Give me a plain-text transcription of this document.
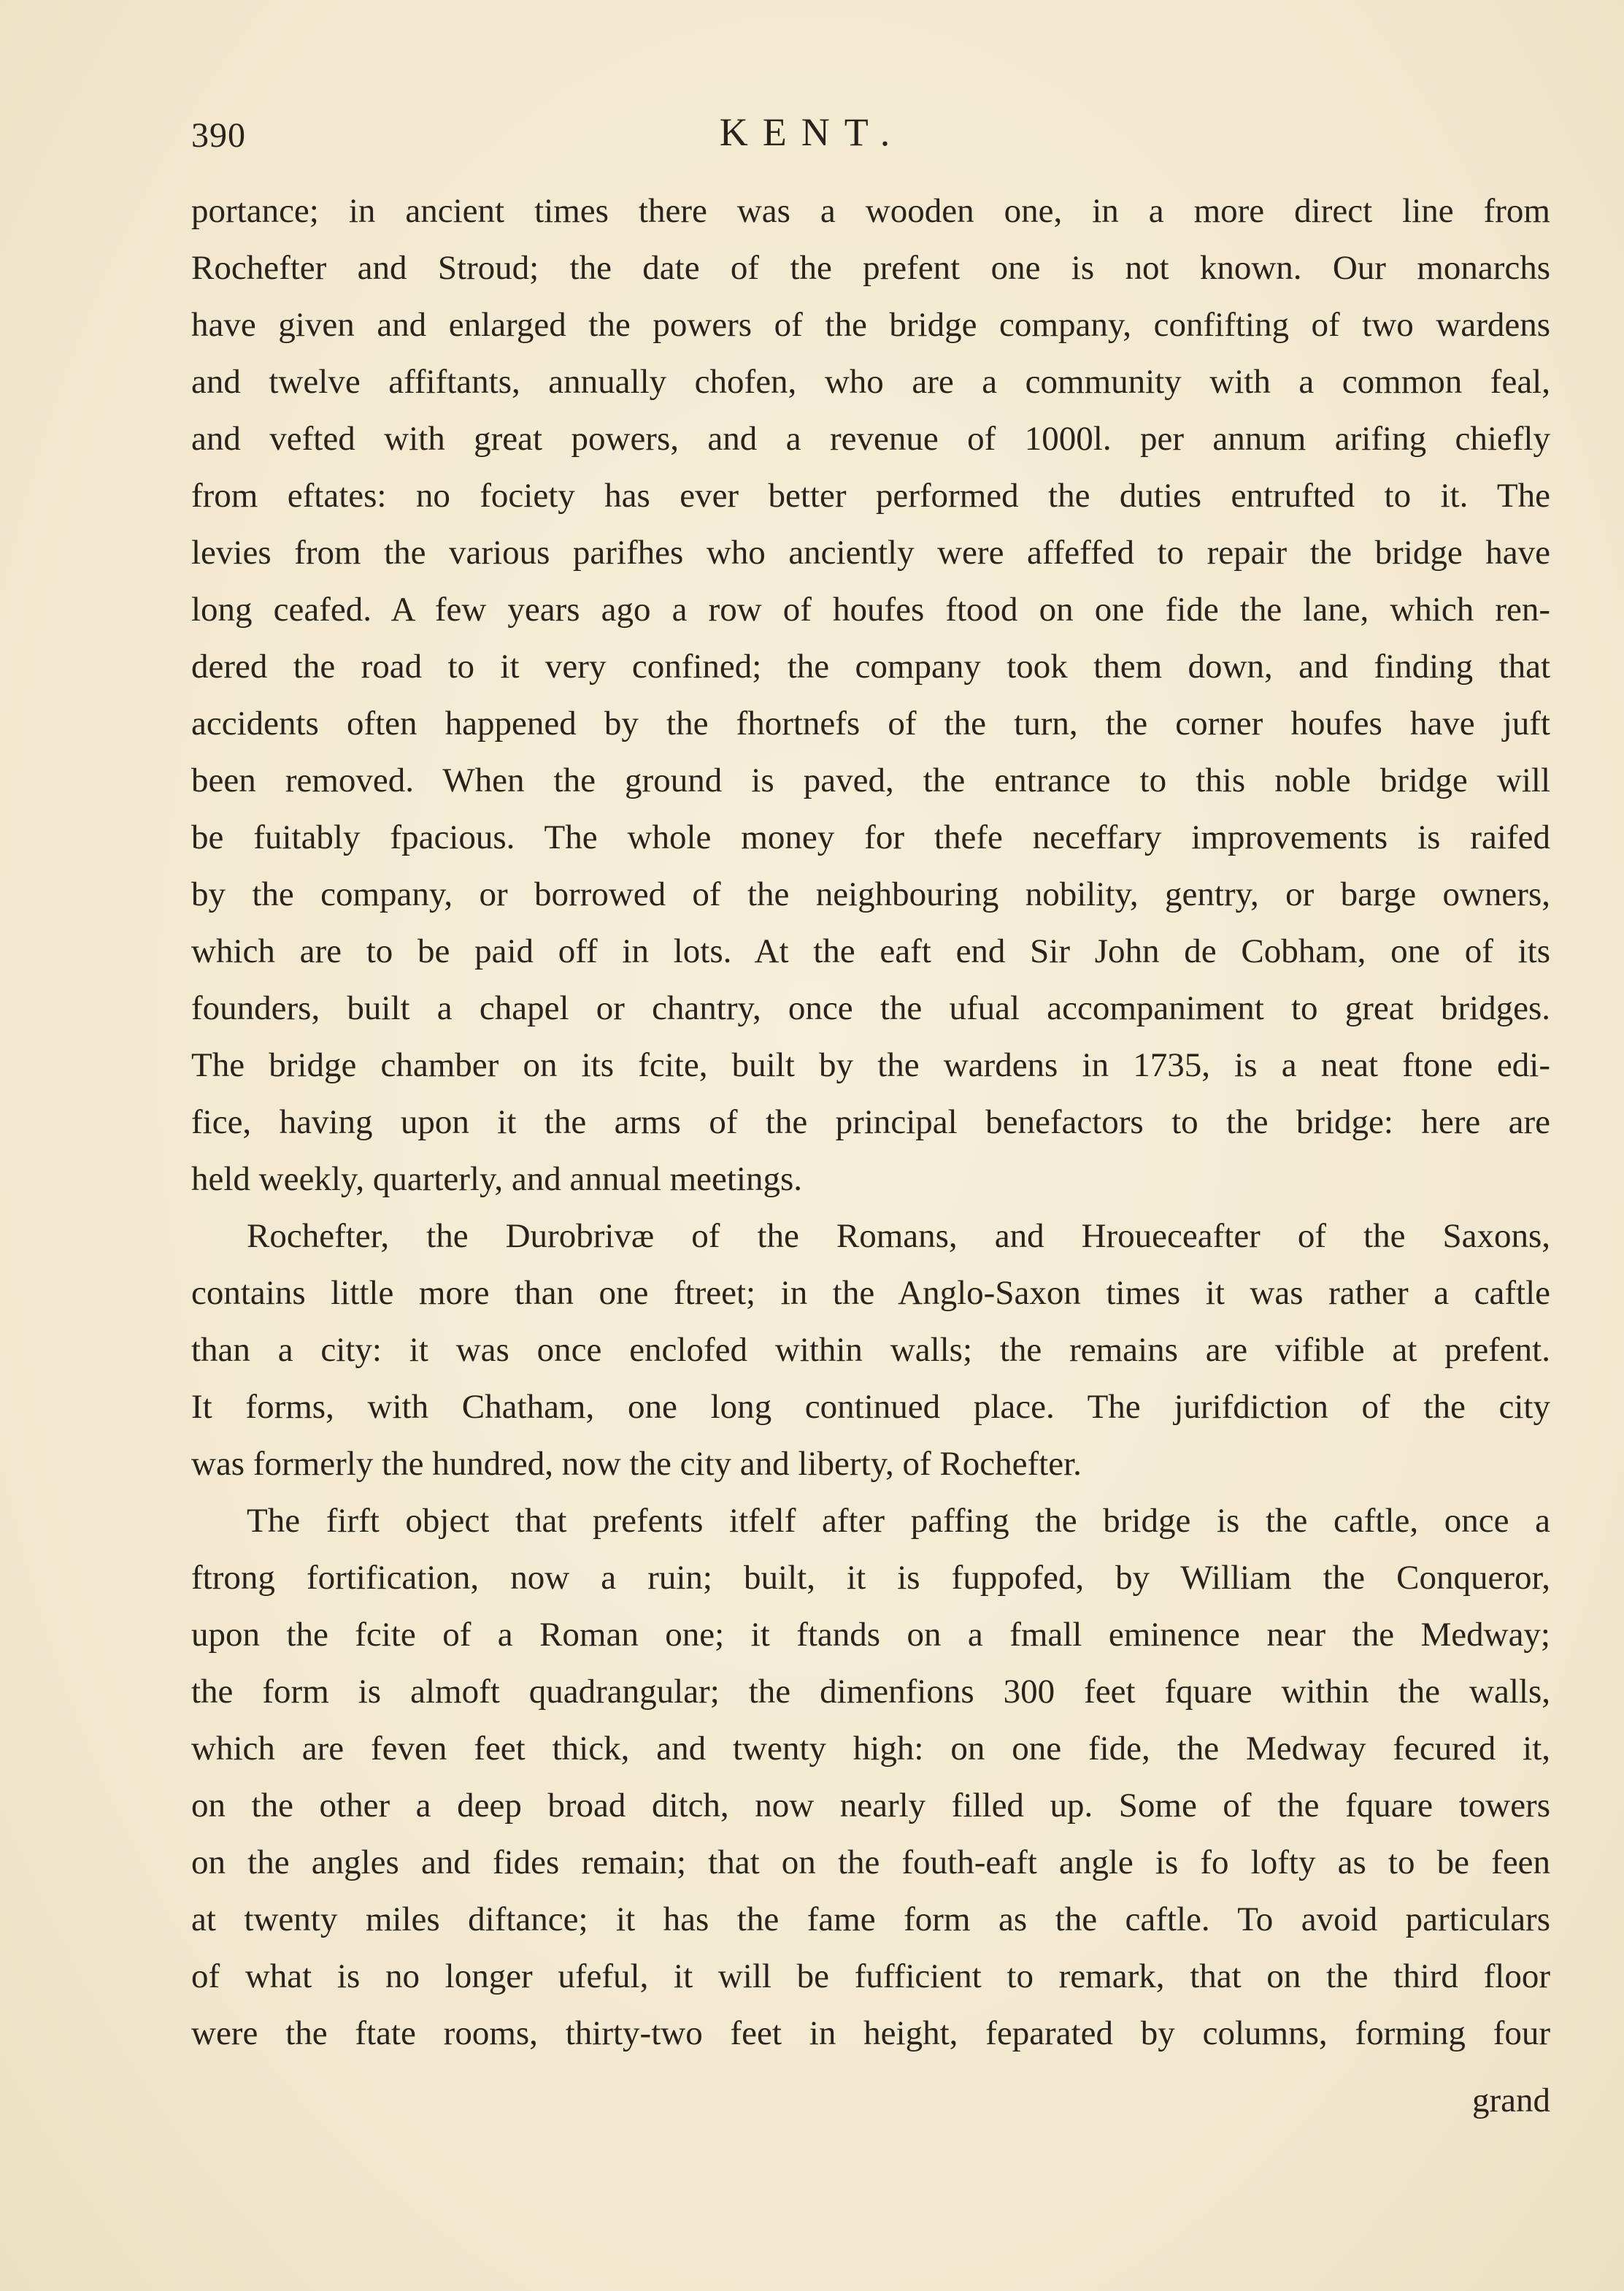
390	KENT.
portance; in ancient times there was a wooden one, in a more direct line from
Rochefter and Stroud; the date of the prefent one is not known. Our monarchs
have given and enlarged the powers of the bridge company, confifting of two wardens
and twelve affiftants, annually chofen, who are a community with a common feal,
and vefted with great powers, and a revenue of 1000l. per annum arifing chiefly
from eftates: no fociety has ever better performed the duties entrufted to it. The
levies from the various parifhes who anciently were affeffed to repair the bridge have
long ceafed. A few years ago a row of houfes ftood on one fide the lane, which ren-
dered the road to it very confined; the company took them down, and finding that
accidents often happened by the fhortnefs of the turn, the corner houfes have juft
been removed. When the ground is paved, the entrance to this noble bridge will
be fuitably fpacious. The whole money for thefe neceffary improvements is raifed
by the company, or borrowed of the neighbouring nobility, gentry, or barge owners,
which are to be paid off in lots. At the eaft end Sir John de Cobham, one of its
founders, built a chapel or chantry, once the ufual accompaniment to great bridges.
The bridge chamber on its fcite, built by the wardens in 1735, is a neat ftone edi-
fice, having upon it the arms of the principal benefactors to the bridge: here are
held weekly, quarterly, and annual meetings.
Rochefter, the Durobrivæ of the Romans, and Hroueceafter of the Saxons,
contains little more than one ftreet; in the Anglo-Saxon times it was rather a caftle
than a city: it was once enclofed within walls; the remains are vifible at prefent.
It forms, with Chatham, one long continued place. The jurifdiction of the city
was formerly the hundred, now the city and liberty, of Rochefter.
The firft object that prefents itfelf after paffing the bridge is the caftle, once a
ftrong fortification, now a ruin; built, it is fuppofed, by William the Conqueror,
upon the fcite of a Roman one; it ftands on a fmall eminence near the Medway;
the form is almoft quadrangular; the dimenfions 300 feet fquare within the walls,
which are feven feet thick, and twenty high: on one fide, the Medway fecured it,
on the other a deep broad ditch, now nearly filled up. Some of the fquare towers
on the angles and fides remain; that on the fouth-eaft angle is fo lofty as to be feen
at twenty miles diftance; it has the fame form as the caftle. To avoid particulars
of what is no longer ufeful, it will be fufficient to remark, that on the third floor
were the ftate rooms, thirty-two feet in height, feparated by columns, forming four
grand
